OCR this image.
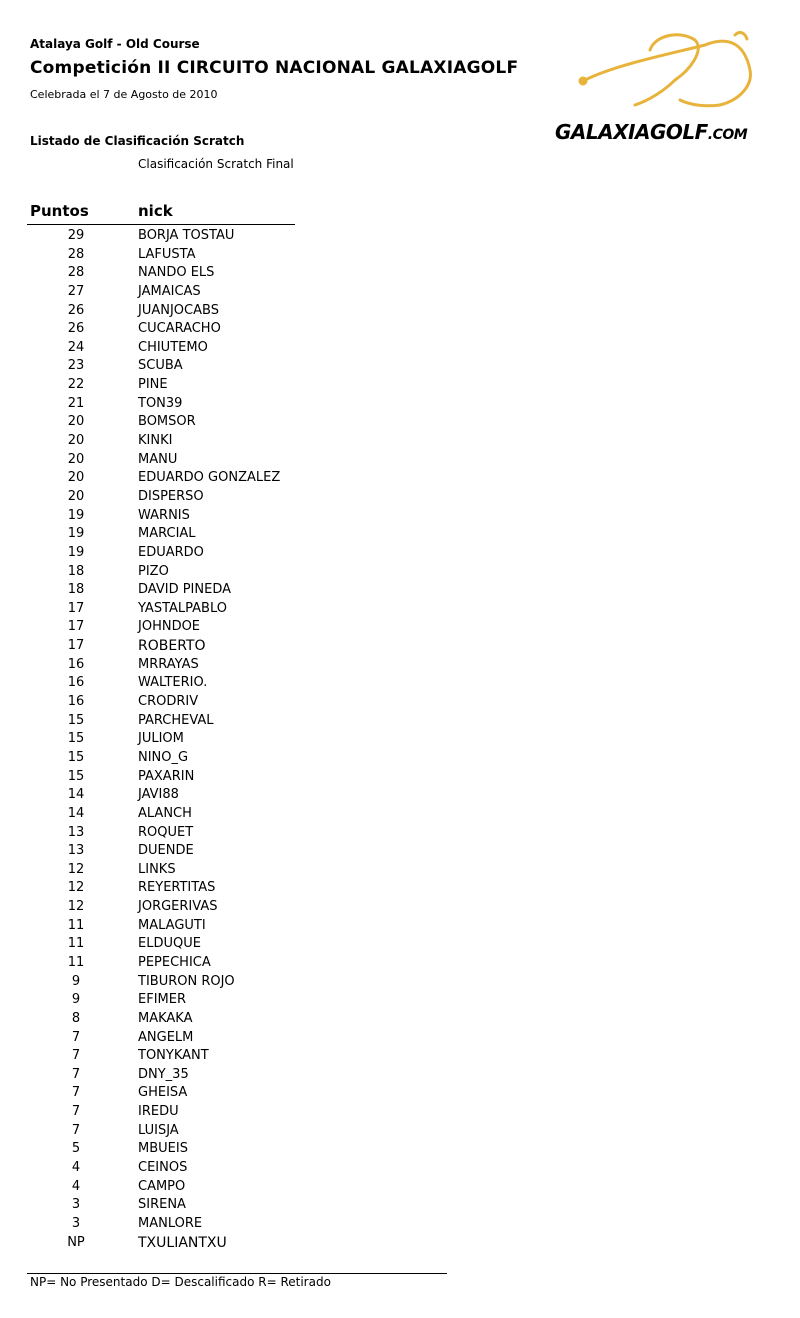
Atalaya Golf - Old Course
Competición II CIRCUITO NACIONAL GALAXIAGOLF
Celebrada el 7 de Agosto de 2010
Listado de Clasificación Scratch
Clasificación Scratch Final
GALAXIAGOLF.COM
Puntos	nick
29	BORJA TOSTAU
28	LAFUSTA
28	NANDO ELS
27	JAMAICAS
26	JUANJOCABS
26	CUCARACHO
24	CHIUTEMO
23	SCUBA
22	PINE
21	TON39
20	BOMSOR
20	KINKI
20	MANU
20	EDUARDO GONZALEZ
20	DISPERSO
19	WARNIS
19	MARCIAL
19	EDUARDO
18	PIZO
18	DAVID PINEDA
17	YASTALPABLO
17	JOHNDOE
17	ROBERTO
16	MRRAYAS
16	WALTERIO.
16	CRODRIV
15	PARCHEVAL
15	JULIOM
15	NINO_G
15	PAXARIN
14	JAVI88
14	ALANCH
13	ROQUET
13	DUENDE
12	LINKS
12	REYERTITAS
12	JORGERIVAS
11	MALAGUTI
11	ELDUQUE
11	PEPECHICA
9	TIBURON ROJO
9	EFIMER
8	MAKAKA
7	ANGELM
7	TONYKANT
7	DNY_35
7	GHEISA
7	IREDU
7	LUISJA
5	MBUEIS
4	CEINOS
4	CAMPO
3	SIRENA
3	MANLORE
NP	TXULIANTXU
NP= No Presentado D= Descalificado R= Retirado
